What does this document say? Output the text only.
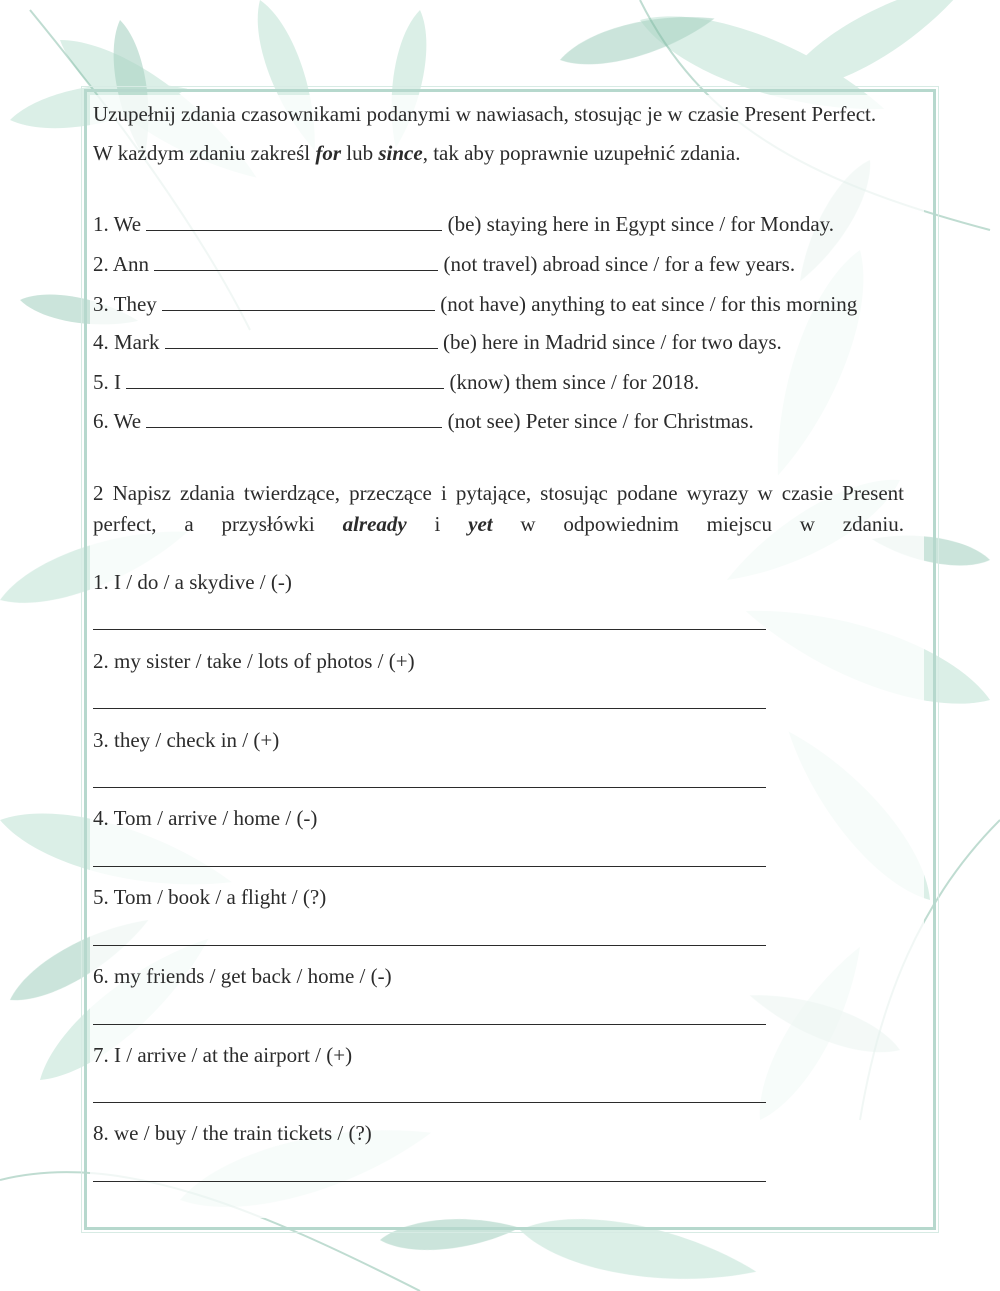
Uzupełnij zdania czasownikami podanymi w nawiasach, stosując je w czasie Present Perfect. W każdym zdaniu zakreśl for lub since, tak aby poprawnie uzupełnić zdania.
1. We	(be) staying here in Egypt since / for Monday.
2. Ann	(not travel) abroad since / for a few years.
3. They	(not have) anything to eat since / for this morning
4. Mark	(be) here in Madrid since / for two days.
5. I	(know) them since / for 2018.
6. We	(not see) Peter since / for Christmas.
2 Napisz zdania twierdzące, przeczące i pytające, stosując podane wyrazy w czasie Present perfect, a przysłówki already i yet w odpowiednim miejscu w zdaniu.
1. I / do / a skydive / (-)
2. my sister / take / lots of photos / (+)
3. they / check in / (+)
4. Tom / arrive / home / (-)
5. Tom / book / a flight / (?)
6. my friends / get back / home / (-)
7. I / arrive / at the airport / (+)
8. we / buy / the train tickets / (?)
